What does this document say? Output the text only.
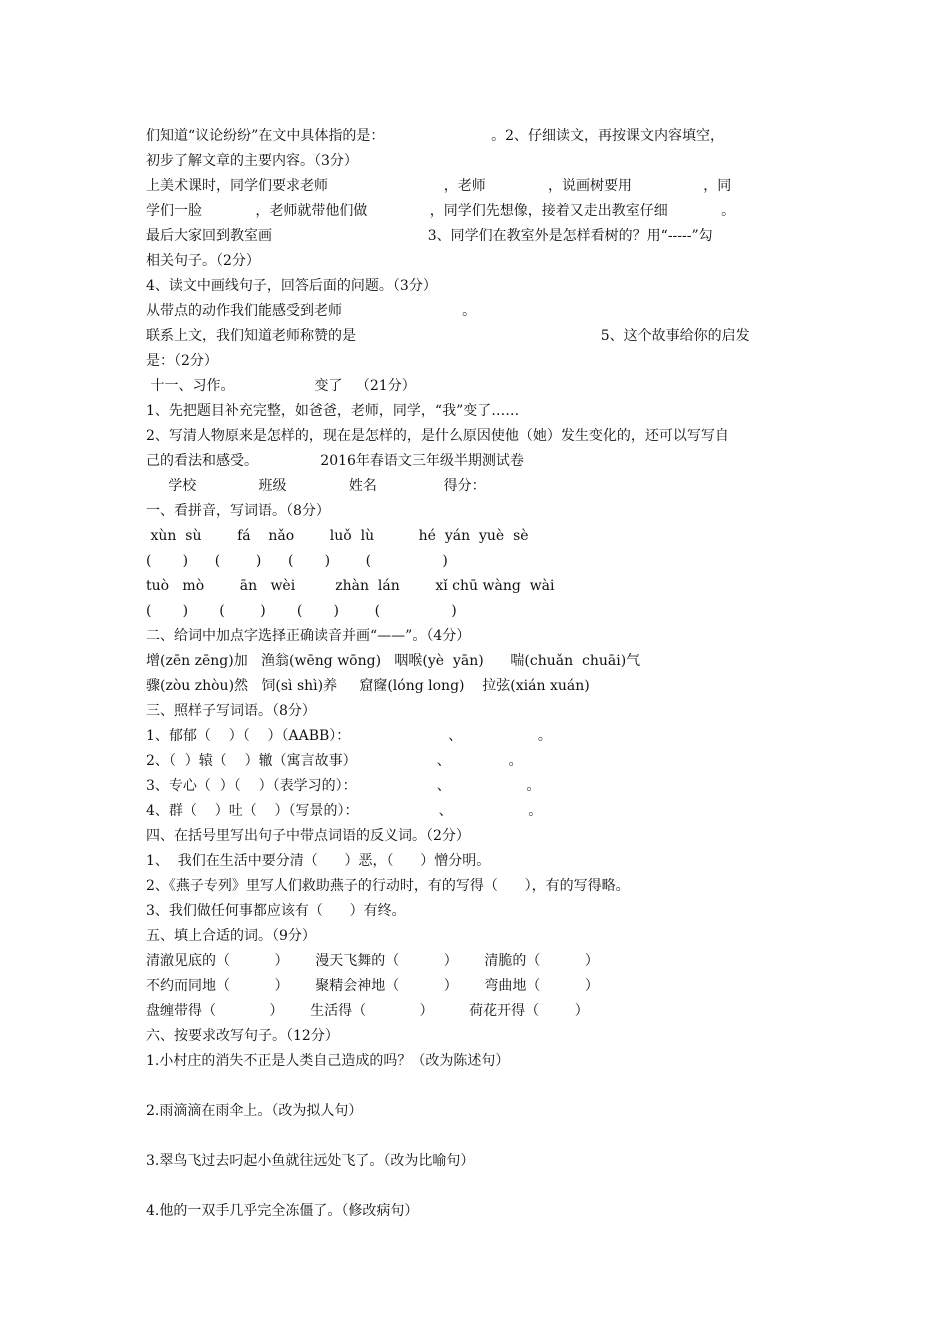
们知道“议论纷纷”在文中具体指的是：                        。2、仔细读文，再按课文内容填空，
初步了解文章的主要内容。（3分）
上美术课时，同学们要求老师                          ，老师              ，说画树要用                ，同
学们一脸            ，老师就带他们做              ，同学们先想像，接着又走出教室仔细            。
最后大家回到教室画                                   3、同学们在教室外是怎样看树的？用“-----”勾
相关句子。（2分）
4、读文中画线句子，回答后面的问题。（3分）
从带点的动作我们能感受到老师                           。
联系上文，我们知道老师称赞的是                                                       5、这个故事给你的启发
是：（2分）
十一、习作。                  变了   （21分）
1、先把题目补充完整，如爸爸，老师，同学，“我”变了……
2、写清人物原来是怎样的，现在是怎样的，是什么原因使他（她）发生变化的，还可以写写自
己的看法和感受。              2016年春语文三年级半期测试卷
学校              班级              姓名               得分：
一、看拼音，写词语。（8分）
xùn  sù        fá    nǎo        luǒ  lù          hé  yán  yuè  sè
(       )      (        )      (       )        (                )
tuò   mò        ān   wèi         zhàn  lán        xǐ chū wàng  wài
(       )       (        )       (       )        (                )
二、给词中加点字选择正确读音并画“——”。（4分）
增(zēn zēng)加   渔翁(wēng wōng)   咽喉(yè  yān)      喘(chuǎn  chuāi)气
骤(zòu zhòu)然   饲(sì shì)养     窟窿(lóng long)    拉弦(xián xuán)
三、照样子写词语。（8分）
1、郁郁（    ）（    ）（AABB）：                      、                 。
2、（  ）辕（    ）辙（寓言故事）                  、             。
3、专心（  ）（    ）（表学习的）：                  、                 。
4、群（    ）吐（    ）（写景的）：                  、                 。
四、在括号里写出句子中带点词语的反义词。（2分）
1、  我们在生活中要分清（      ）恶，（      ）憎分明。
2、《燕子专列》里写人们救助燕子的行动时，有的写得（      ），有的写得略。
3、我们做任何事都应该有（      ）有终。
五、填上合适的词。（9分）
清澈见底的（          ）      漫天飞舞的（          ）      清脆的（          ）
不约而同地（          ）      聚精会神地（          ）      弯曲地（          ）
盘缠带得（            ）      生活得（            ）        荷花开得（        ）
六、按要求改写句子。（12分）
1.小村庄的消失不正是人类自己造成的吗？（改为陈述句）
2.雨滴滴在雨伞上。（改为拟人句）
3.翠鸟飞过去叼起小鱼就往远处飞了。（改为比喻句）
4.他的一双手几乎完全冻僵了。（修改病句）
